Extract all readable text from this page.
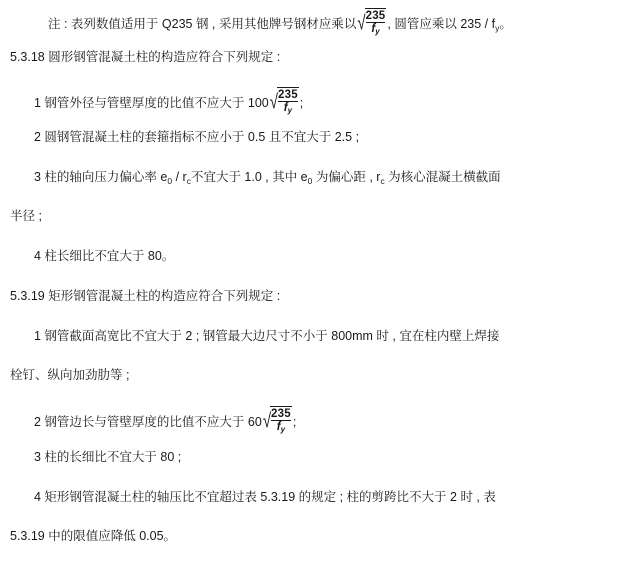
注 : 表列数值适用于 Q235 钢 , 采用其他牌号钢材应乘以√ $\frac{235}{f_y}$ , 圆管应乘以 $235 / f_y$。
5.3.18 圆形钢管混凝土柱的构造应符合下列规定 :
1 钢管外径与管壁厚度的比值不应大于 $100√ \frac{235}{f_y}$ ;
2 圆钢管混凝土柱的套箍指标不应小于 0.5 且不宜大于 2.5 ;
3 柱的轴向压力偏心率 $e_0 / r_c$不宜大于 1.0 , 其中 $e_0$ 为偏心距 , $r_c$ 为核心混凝土横截面
半径 ;
4 柱长细比不宜大于 80。
5.3.19 矩形钢管混凝土柱的构造应符合下列规定 :
1 钢管截面高宽比不宜大于 2 ; 钢管最大边尺寸不小于 800mm 时 , 宜在柱内壁上焊接
栓钉、纵向加劲肋等 ;
2 钢管边长与管壁厚度的比值不应大于 $60√ \frac{235}{f_y}$ ;
3 柱的长细比不宜大于 80 ;
4 矩形钢管混凝土柱的轴压比不宜超过表 5.3.19 的规定 ; 柱的剪跨比不大于 2 时 , 表
5.3.19 中的限值应降低 0.05。
